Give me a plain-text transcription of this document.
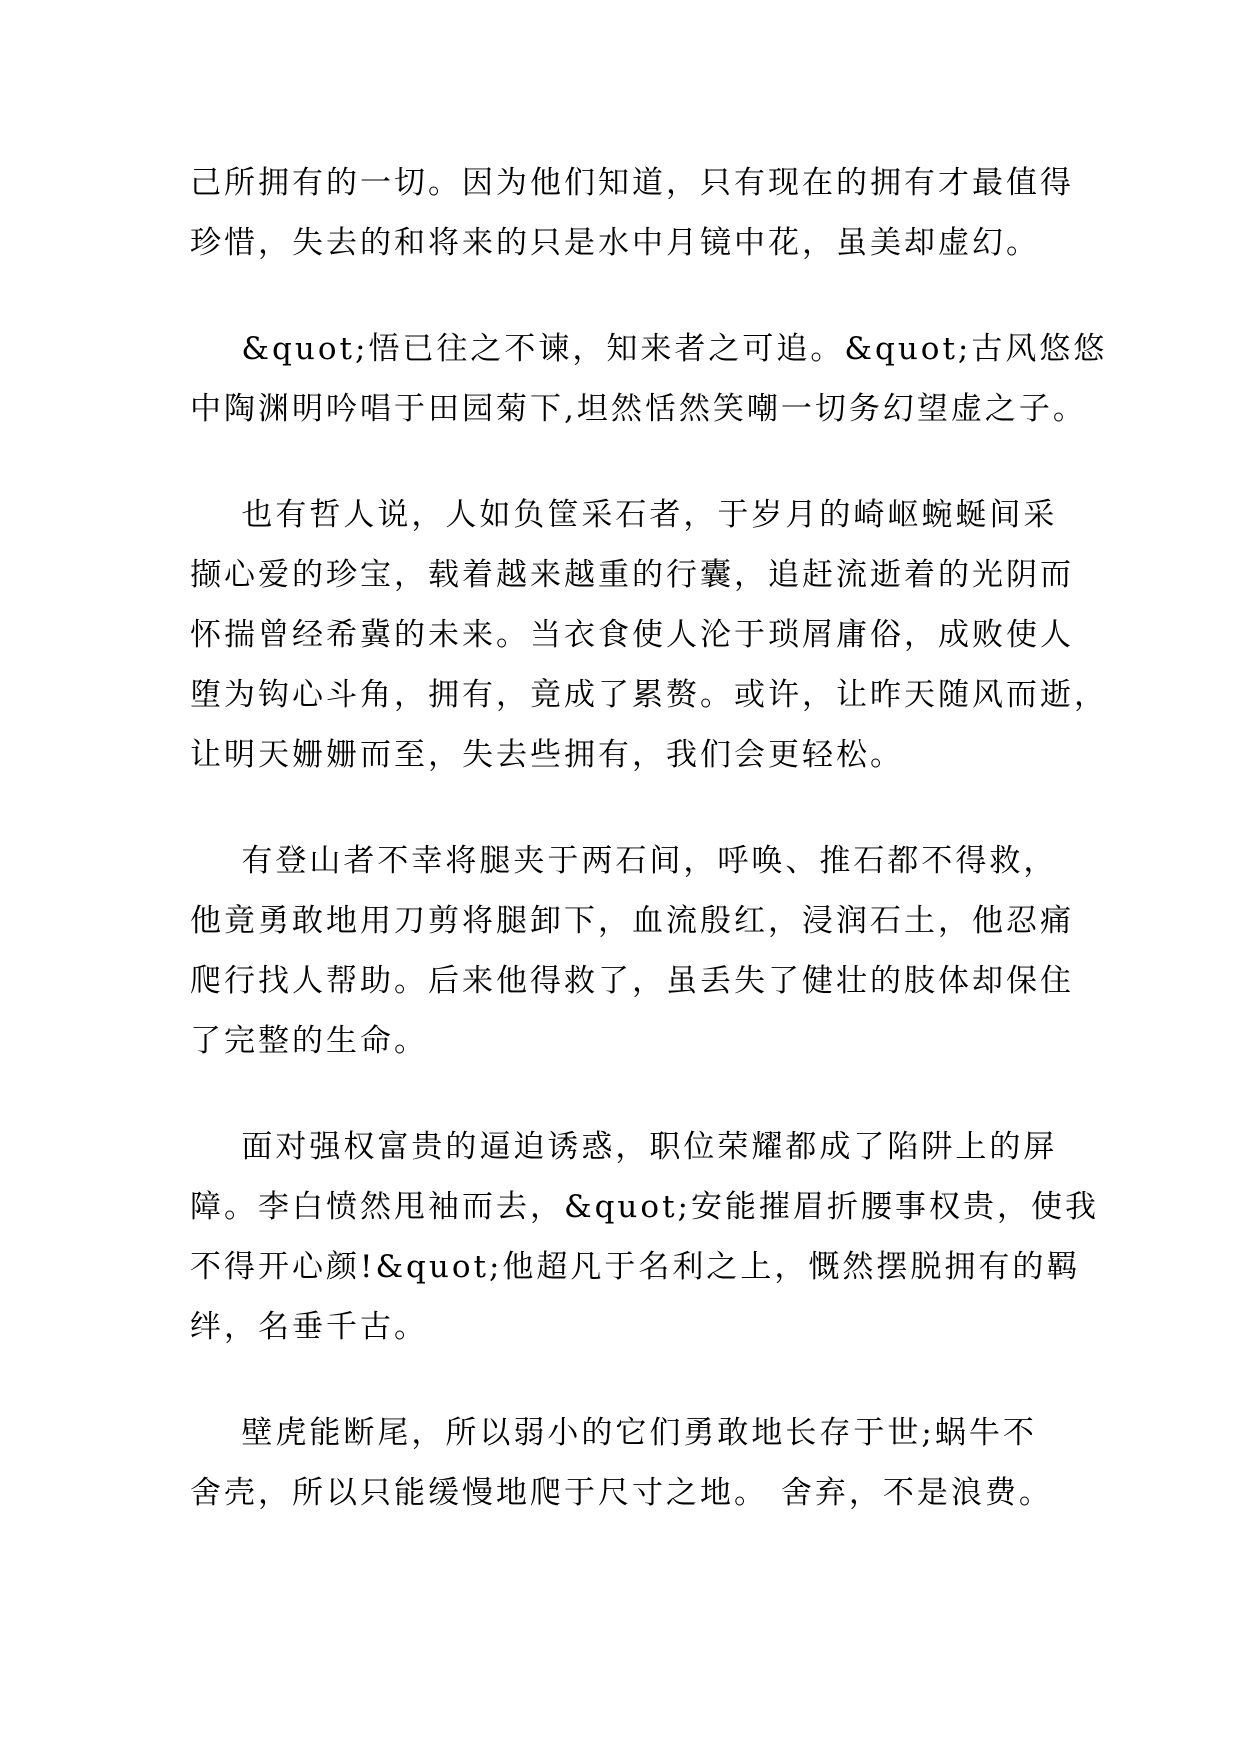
己所拥有的一切。因为他们知道，只有现在的拥有才最值得
珍惜，失去的和将来的只是水中月镜中花，虽美却虚幻。
&quot;悟已往之不谏，知来者之可追。&quot;古风悠悠
中陶渊明吟唱于田园菊下,坦然恬然笑嘲一切务幻望虚之子。
也有哲人说，人如负筐采石者，于岁月的崎岖蜿蜒间采
撷心爱的珍宝，载着越来越重的行囊，追赶流逝着的光阴而
怀揣曾经希冀的未来。当衣食使人沦于琐屑庸俗，成败使人
堕为钩心斗角，拥有，竟成了累赘。或许，让昨天随风而逝，
让明天姗姗而至，失去些拥有，我们会更轻松。
有登山者不幸将腿夹于两石间，呼唤、推石都不得救，
他竟勇敢地用刀剪将腿卸下，血流殷红，浸润石土，他忍痛
爬行找人帮助。后来他得救了，虽丢失了健壮的肢体却保住
了完整的生命。
面对强权富贵的逼迫诱惑，职位荣耀都成了陷阱上的屏
障。李白愤然甩袖而去，&quot;安能摧眉折腰事权贵，使我
不得开心颜!&quot;他超凡于名利之上，慨然摆脱拥有的羁
绊，名垂千古。
壁虎能断尾，所以弱小的它们勇敢地长存于世;蜗牛不
舍壳，所以只能缓慢地爬于尺寸之地。 舍弃，不是浪费。
